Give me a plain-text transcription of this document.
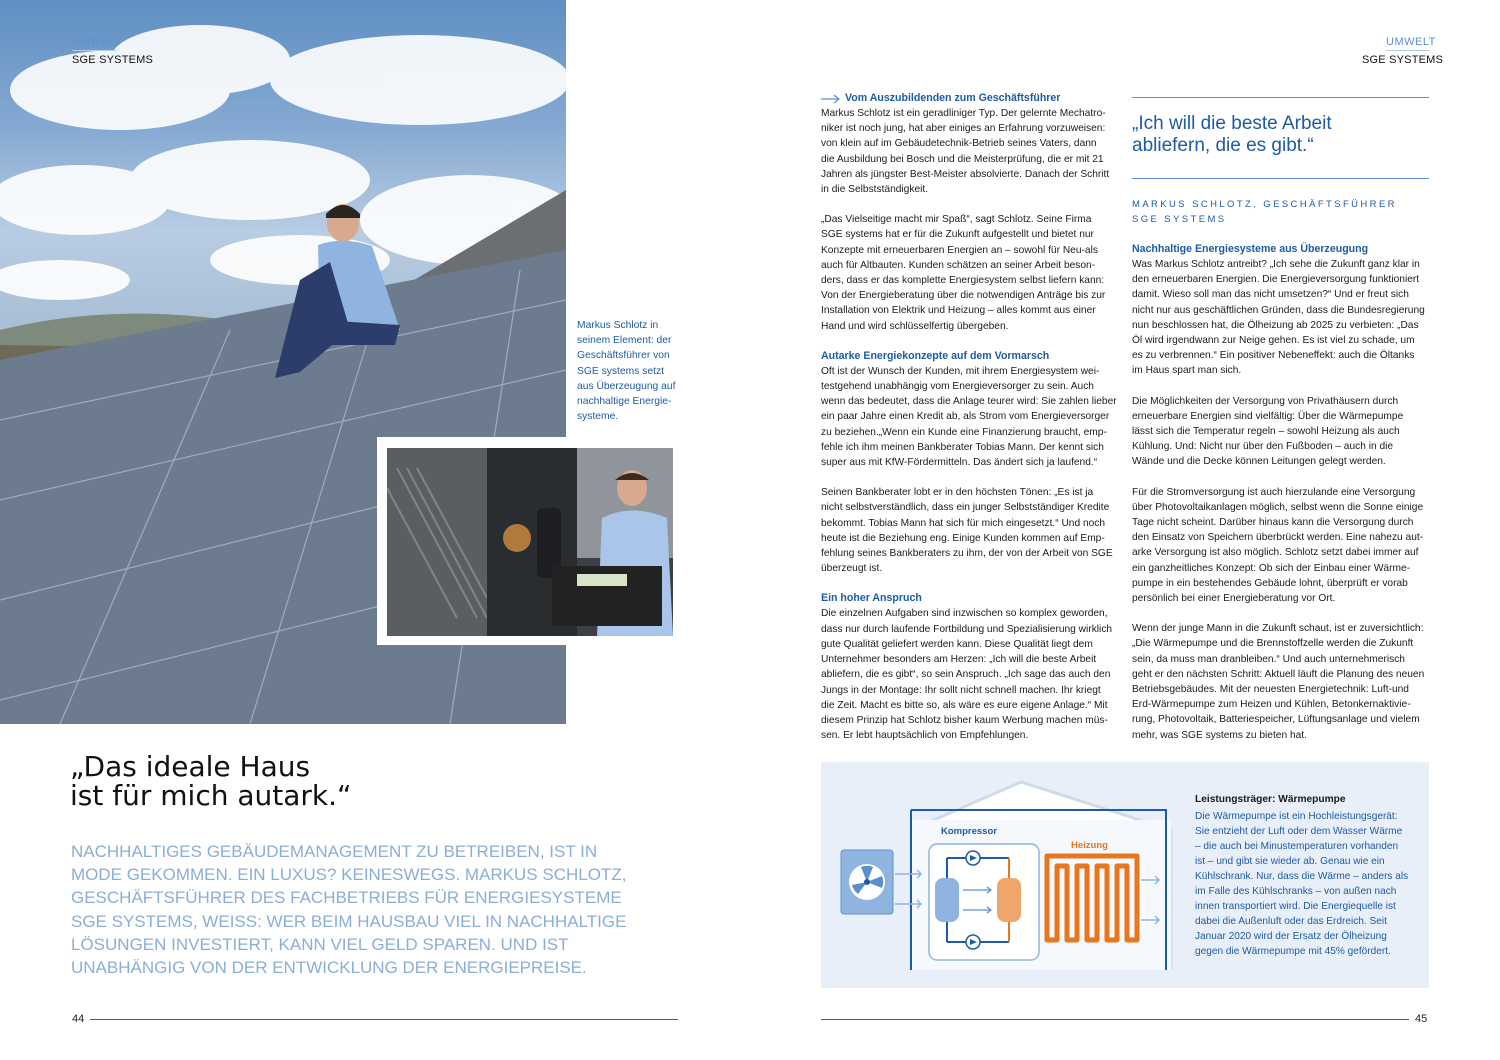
UMWELT
SGE SYSTEMS
Markus Schlotz in
seinem Element: der
Geschäftsführer von
SGE systems setzt
aus Überzeugung auf
nachhaltige Energie-
systeme.
„Das ideale Haus
ist für mich autark.“
NACHHALTIGES GEBÄUDEMANAGEMENT ZU BETREIBEN, IST IN
MODE GEKOMMEN. EIN LUXUS? KEINESWEGS. MARKUS SCHLOTZ,
GESCHÄFTSFÜHRER DES FACHBETRIEBS FÜR ENERGIESYSTEME
SGE SYSTEMS, WEISS: WER BEIM HAUSBAU VIEL IN NACHHALTIGE
LÖSUNGEN INVESTIERT, KANN VIEL GELD SPAREN. UND IST
UNABHÄNGIG VON DER ENTWICKLUNG DER ENERGIEPREISE.
44
UMWELT
SGE SYSTEMS
Vom Auszubildenden zum Geschäftsführer
Markus Schlotz ist ein geradliniger Typ. Der gelernte Mechatro-
niker ist noch jung, hat aber einiges an Erfahrung vorzuweisen:
von klein auf im Gebäudetechnik-Betrieb seines Vaters, dann
die Ausbildung bei Bosch und die Meisterprüfung, die er mit 21
Jahren als jüngster Best-Meister absolvierte. Danach der Schritt
in die Selbstständigkeit.
„Das Vielseitige macht mir Spaß“, sagt Schlotz. Seine Firma
SGE systems hat er für die Zukunft aufgestellt und bietet nur
Konzepte mit erneuerbaren Energien an – sowohl für Neu-als
auch für Altbauten. Kunden schätzen an seiner Arbeit beson-
ders, dass er das komplette Energiesystem selbst liefern kann:
Von der Energieberatung über die notwendigen Anträge bis zur
Installation von Elektrik und Heizung – alles kommt aus einer
Hand und wird schlüsselfertig übergeben.
Autarke Energiekonzepte auf dem Vormarsch
Oft ist der Wunsch der Kunden, mit ihrem Energiesystem wei-
testgehend unabhängig vom Energieversorger zu sein. Auch
wenn das bedeutet, dass die Anlage teurer wird: Sie zahlen lieber
ein paar Jahre einen Kredit ab, als Strom vom Energieversorger
zu beziehen.„Wenn ein Kunde eine Finanzierung braucht, emp-
fehle ich ihm meinen Bankberater Tobias Mann. Der kennt sich
super aus mit KfW-Fördermitteln. Das ändert sich ja laufend.“
Seinen Bankberater lobt er in den höchsten Tönen: „Es ist ja
nicht selbstverständlich, dass ein junger Selbstständiger Kredite
bekommt. Tobias Mann hat sich für mich eingesetzt.“ Und noch
heute ist die Beziehung eng. Einige Kunden kommen auf Emp-
fehlung seines Bankberaters zu ihm, der von der Arbeit von SGE
überzeugt ist.
Ein hoher Anspruch
Die einzelnen Aufgaben sind inzwischen so komplex geworden,
dass nur durch laufende Fortbildung und Spezialisierung wirklich
gute Qualität geliefert werden kann. Diese Qualität liegt dem
Unternehmer besonders am Herzen: „Ich will die beste Arbeit
abliefern, die es gibt“, so sein Anspruch. „Ich sage das auch den
Jungs in der Montage: Ihr sollt nicht schnell machen. Ihr kriegt
die Zeit. Macht es bitte so, als wäre es eure eigene Anlage.“ Mit
diesem Prinzip hat Schlotz bisher kaum Werbung machen müs-
sen. Er lebt hauptsächlich von Empfehlungen.
„Ich will die beste Arbeit
abliefern, die es gibt.“
MARKUS SCHLOTZ, GESCHÄFTSFÜHRER
SGE SYSTEMS
Nachhaltige Energiesysteme aus Überzeugung
Was Markus Schlotz antreibt? „Ich sehe die Zukunft ganz klar in
den erneuerbaren Energien. Die Energieversorgung funktioniert
damit. Wieso soll man das nicht umsetzen?“ Und er freut sich
nicht nur aus geschäftlichen Gründen, dass die Bundesregierung
nun beschlossen hat, die Ölheizung ab 2025 zu verbieten: „Das
Öl wird irgendwann zur Neige gehen. Es ist viel zu schade, um
es zu verbrennen.“ Ein positiver Nebeneffekt: auch die Öltanks
im Haus spart man sich.
Die Möglichkeiten der Versorgung von Privathäusern durch
erneuerbare Energien sind vielfältig: Über die Wärmepumpe
lässt sich die Temperatur regeln – sowohl Heizung als auch
Kühlung. Und: Nicht nur über den Fußboden – auch in die
Wände und die Decke können Leitungen gelegt werden.
Für die Stromversorgung ist auch hierzulande eine Versorgung
über Photovoltaikanlagen möglich, selbst wenn die Sonne einige
Tage nicht scheint. Darüber hinaus kann die Versorgung durch
den Einsatz von Speichern überbrückt werden. Eine nahezu aut-
arke Versorgung ist also möglich. Schlotz setzt dabei immer auf
ein ganzheitliches Konzept: Ob sich der Einbau einer Wärme-
pumpe in ein bestehendes Gebäude lohnt, überprüft er vorab
persönlich bei einer Energieberatung vor Ort.
Wenn der junge Mann in die Zukunft schaut, ist er zuversichtlich:
„Die Wärmepumpe und die Brennstoffzelle werden die Zukunft
sein, da muss man dranbleiben.“ Und auch unternehmerisch
geht er den nächsten Schritt: Aktuell läuft die Planung des neuen
Betriebsgebäudes. Mit der neuesten Energietechnik: Luft-und
Erd-Wärmepumpe zum Heizen und Kühlen, Betonkernaktivie-
rung, Photovoltaik, Batteriespeicher, Lüftungsanlage und vielem
mehr, was SGE systems zu bieten hat.
Kompressor
Heizung
Leistungsträger: Wärmepumpe
Die Wärmepumpe ist ein Hochleistungsgerät:
Sie entzieht der Luft oder dem Wasser Wärme
– die auch bei Minustemperaturen vorhanden
ist – und gibt sie wieder ab. Genau wie ein
Kühlschrank. Nur, dass die Wärme – anders als
im Falle des Kühlschranks – von außen nach
innen transportiert wird. Die Energiequelle ist
dabei die Außenluft oder das Erdreich. Seit
Januar 2020 wird der Ersatz der Ölheizung
gegen die Wärmepumpe mit 45% gefördert.
45
